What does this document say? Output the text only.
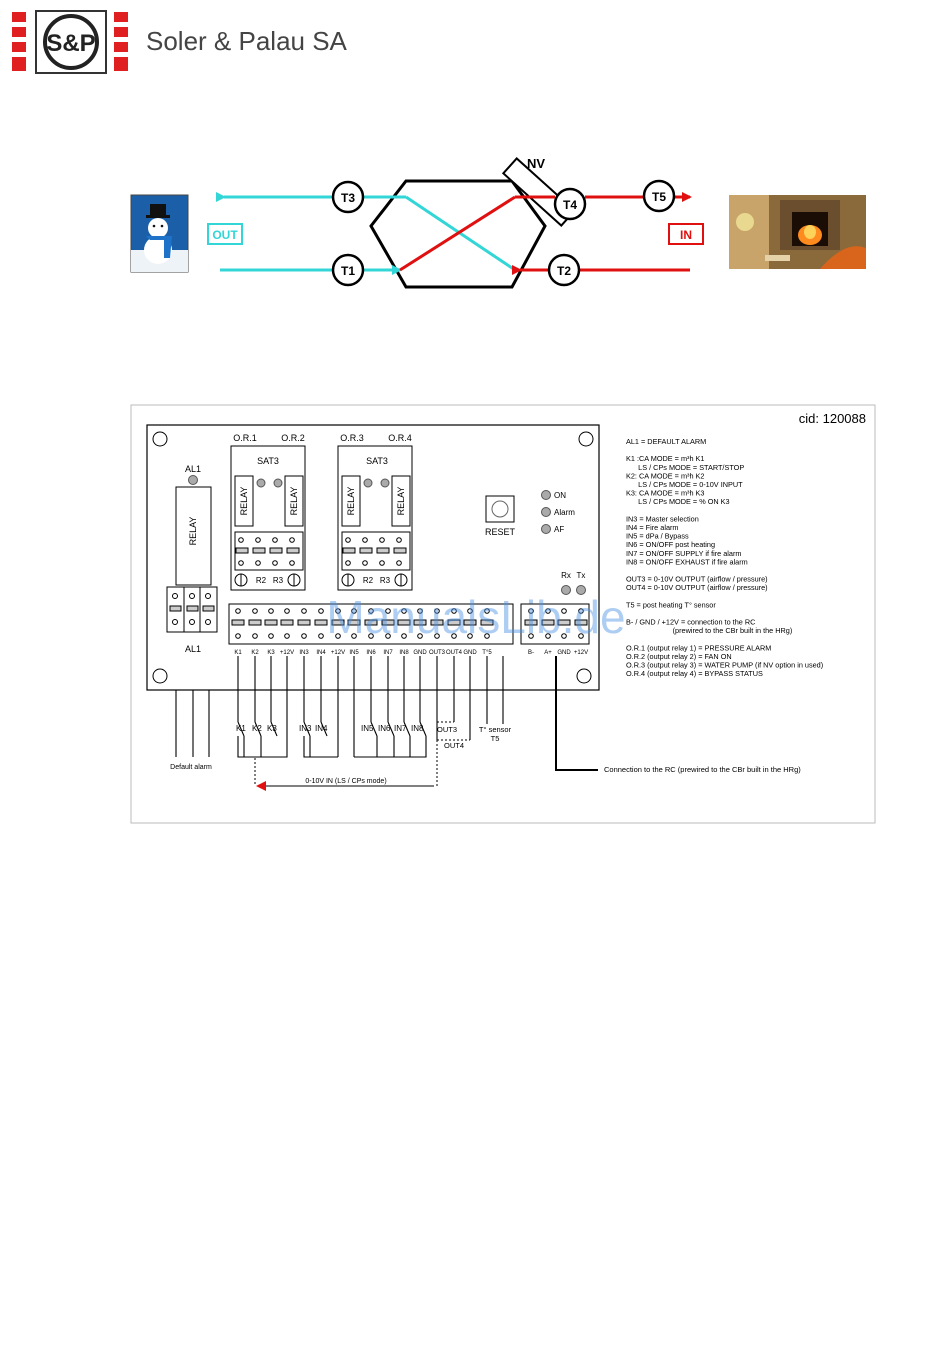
S&P Soler & Palau SA
NV
T3	T4
T5
T1	T2
OUT	IN
cid: 120088
AL1
RELAY
AL1
O.R.1	O.R.2
SAT3
RELAY	RELAY
R2 R3
O.R.3	O.R.4
SAT3
RELAY	RELAY
R2 R3
RESET
ON
Alarm
AF
Rx Tx
K1 K2 K3 +12V IN3 IN4 +12V IN5 IN6 IN7 IN8 GND OUT3 OUT4 GND T°5	B- A+ GND +12V
K1 K2 K3	IN3 IN4	IN5 IN6 IN7 IN8 OUT3
OUT4
T° sensor
T5
Default alarm
0-10V IN (LS / CPs mode)
Connection to the RC (prewired to the CBr built in the HRg)
AL1 = DEFAULT ALARM
K1 :CA MODE = m³h K1
LS / CPs MODE = START/STOP
K2: CA MODE = m³h K2
LS / CPs MODE = 0-10V INPUT
K3: CA MODE = m³h K3
LS / CPs MODE = % ON K3
IN3 = Master selection
IN4 = Fire alarm
IN5 = dPa / Bypass
IN6 = ON/OFF post heating
IN7 = ON/OFF SUPPLY if fire alarm
IN8 = ON/OFF EXHAUST if fire alarm
OUT3 = 0-10V OUTPUT (airflow / pressure)
OUT4 = 0-10V OUTPUT (airflow / pressure)
T5 = post heating T° sensor
B- / GND / +12V = connection to the RC
(prewired to the CBr built in the HRg)
O.R.1 (output relay 1) = PRESSURE ALARM
O.R.2 (output relay 2) = FAN ON
O.R.3 (output relay 3) = WATER PUMP (if NV option in used)
O.R.4 (output relay 4) = BYPASS STATUS
ManualsLib.de
